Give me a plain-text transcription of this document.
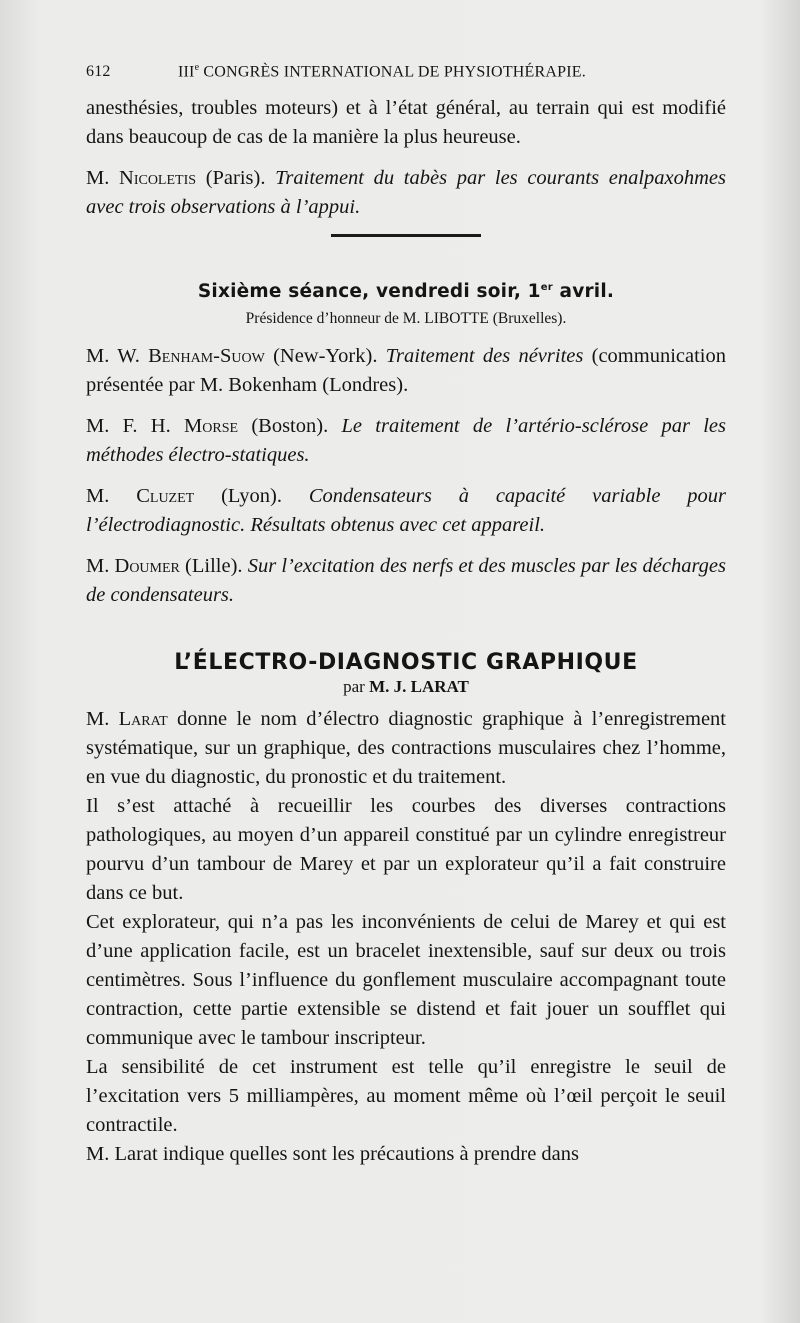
612	IIIe CONGRÈS INTERNATIONAL DE PHYSIOTHÉRAPIE.

anesthésies, troubles moteurs) et à l’état général, au terrain qui est modifié dans beaucoup de cas de la manière la plus heureuse.

M. Nicoletis (Paris). Traitement du tabès par les courants enalpaxohmes avec trois observations à l’appui.

Sixième séance, vendredi soir, 1er avril.
Présidence d’honneur de M. LIBOTTE (Bruxelles).

M. W. Benham-Suow (New-York). Traitement des névrites (communication présentée par M. Bokenham (Londres).

M. F. H. Morse (Boston). Le traitement de l’artério-sclérose par les méthodes électro-statiques.

M. Cluzet (Lyon). Condensateurs à capacité variable pour l’électrodiagnostic. Résultats obtenus avec cet appareil.

M. Doumer (Lille). Sur l’excitation des nerfs et des muscles par les décharges de condensateurs.

L’ÉLECTRO-DIAGNOSTIC GRAPHIQUE
par M. J. LARAT

M. Larat donne le nom d’électro diagnostic graphique à l’enregistrement systématique, sur un graphique, des contractions musculaires chez l’homme, en vue du diagnostic, du pronostic et du traitement.

Il s’est attaché à recueillir les courbes des diverses contractions pathologiques, au moyen d’un appareil constitué par un cylindre enregistreur pourvu d’un tambour de Marey et par un explorateur qu’il a fait construire dans ce but.

Cet explorateur, qui n’a pas les inconvénients de celui de Marey et qui est d’une application facile, est un bracelet inextensible, sauf sur deux ou trois centimètres. Sous l’influence du gonflement musculaire accompagnant toute contraction, cette partie extensible se distend et fait jouer un soufflet qui communique avec le tambour inscripteur.

La sensibilité de cet instrument est telle qu’il enregistre le seuil de l’excitation vers 5 milliampères, au moment même où l’œil perçoit le seuil contractile.

M. Larat indique quelles sont les précautions à prendre dans
